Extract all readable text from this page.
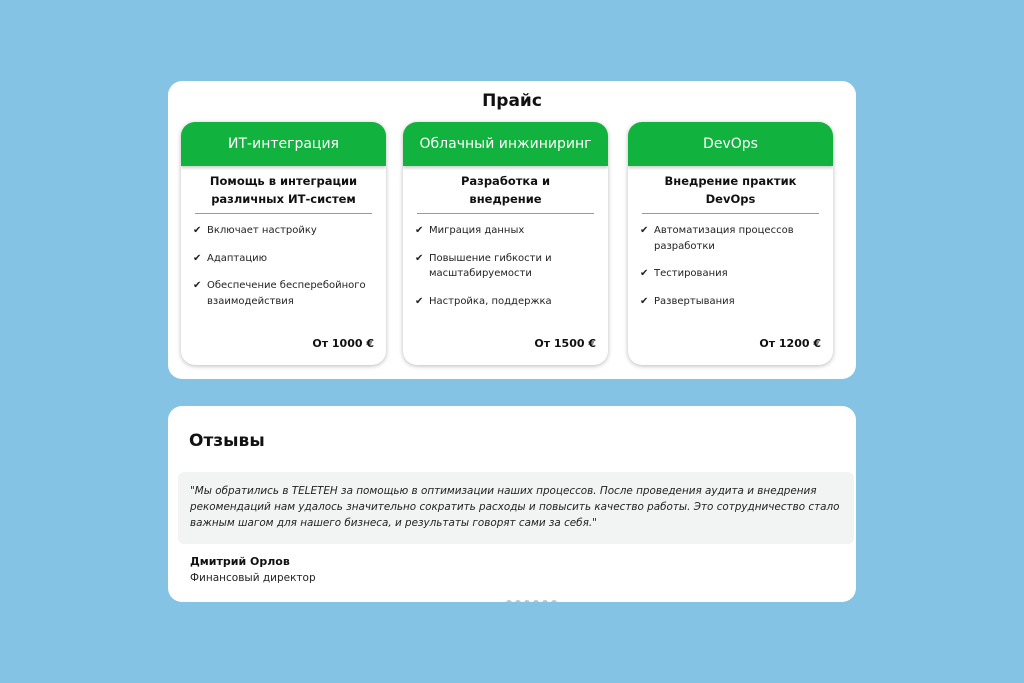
Прайс
ИТ-интеграция
Помощь в интеграции
различных ИТ-систем
✔ Включает настройку
✔ Адаптацию
✔ Обеспечение бесперебойного взаимодействия
От 1000 €
Облачный инжиниринг
Разработка и
внедрение
✔ Миграция данных
✔ Повышение гибкости и масштабируемости
✔ Настройка, поддержка
От 1500 €
DevOps
Внедрение практик
DevOps
✔ Автоматизация процессов разработки
✔ Тестирования
✔ Развертывания
От 1200 €
Отзывы

"Мы обратились в TELETEH за помощью в оптимизации наших процессов. После проведения аудита и внедрения рекомендаций нам удалось значительно сократить расходы и повысить качество работы. Это сотрудничество стало важным шагом для нашего бизнеса, и результаты говорят сами за себя."

Дмитрий Орлов
Финансовый директор
